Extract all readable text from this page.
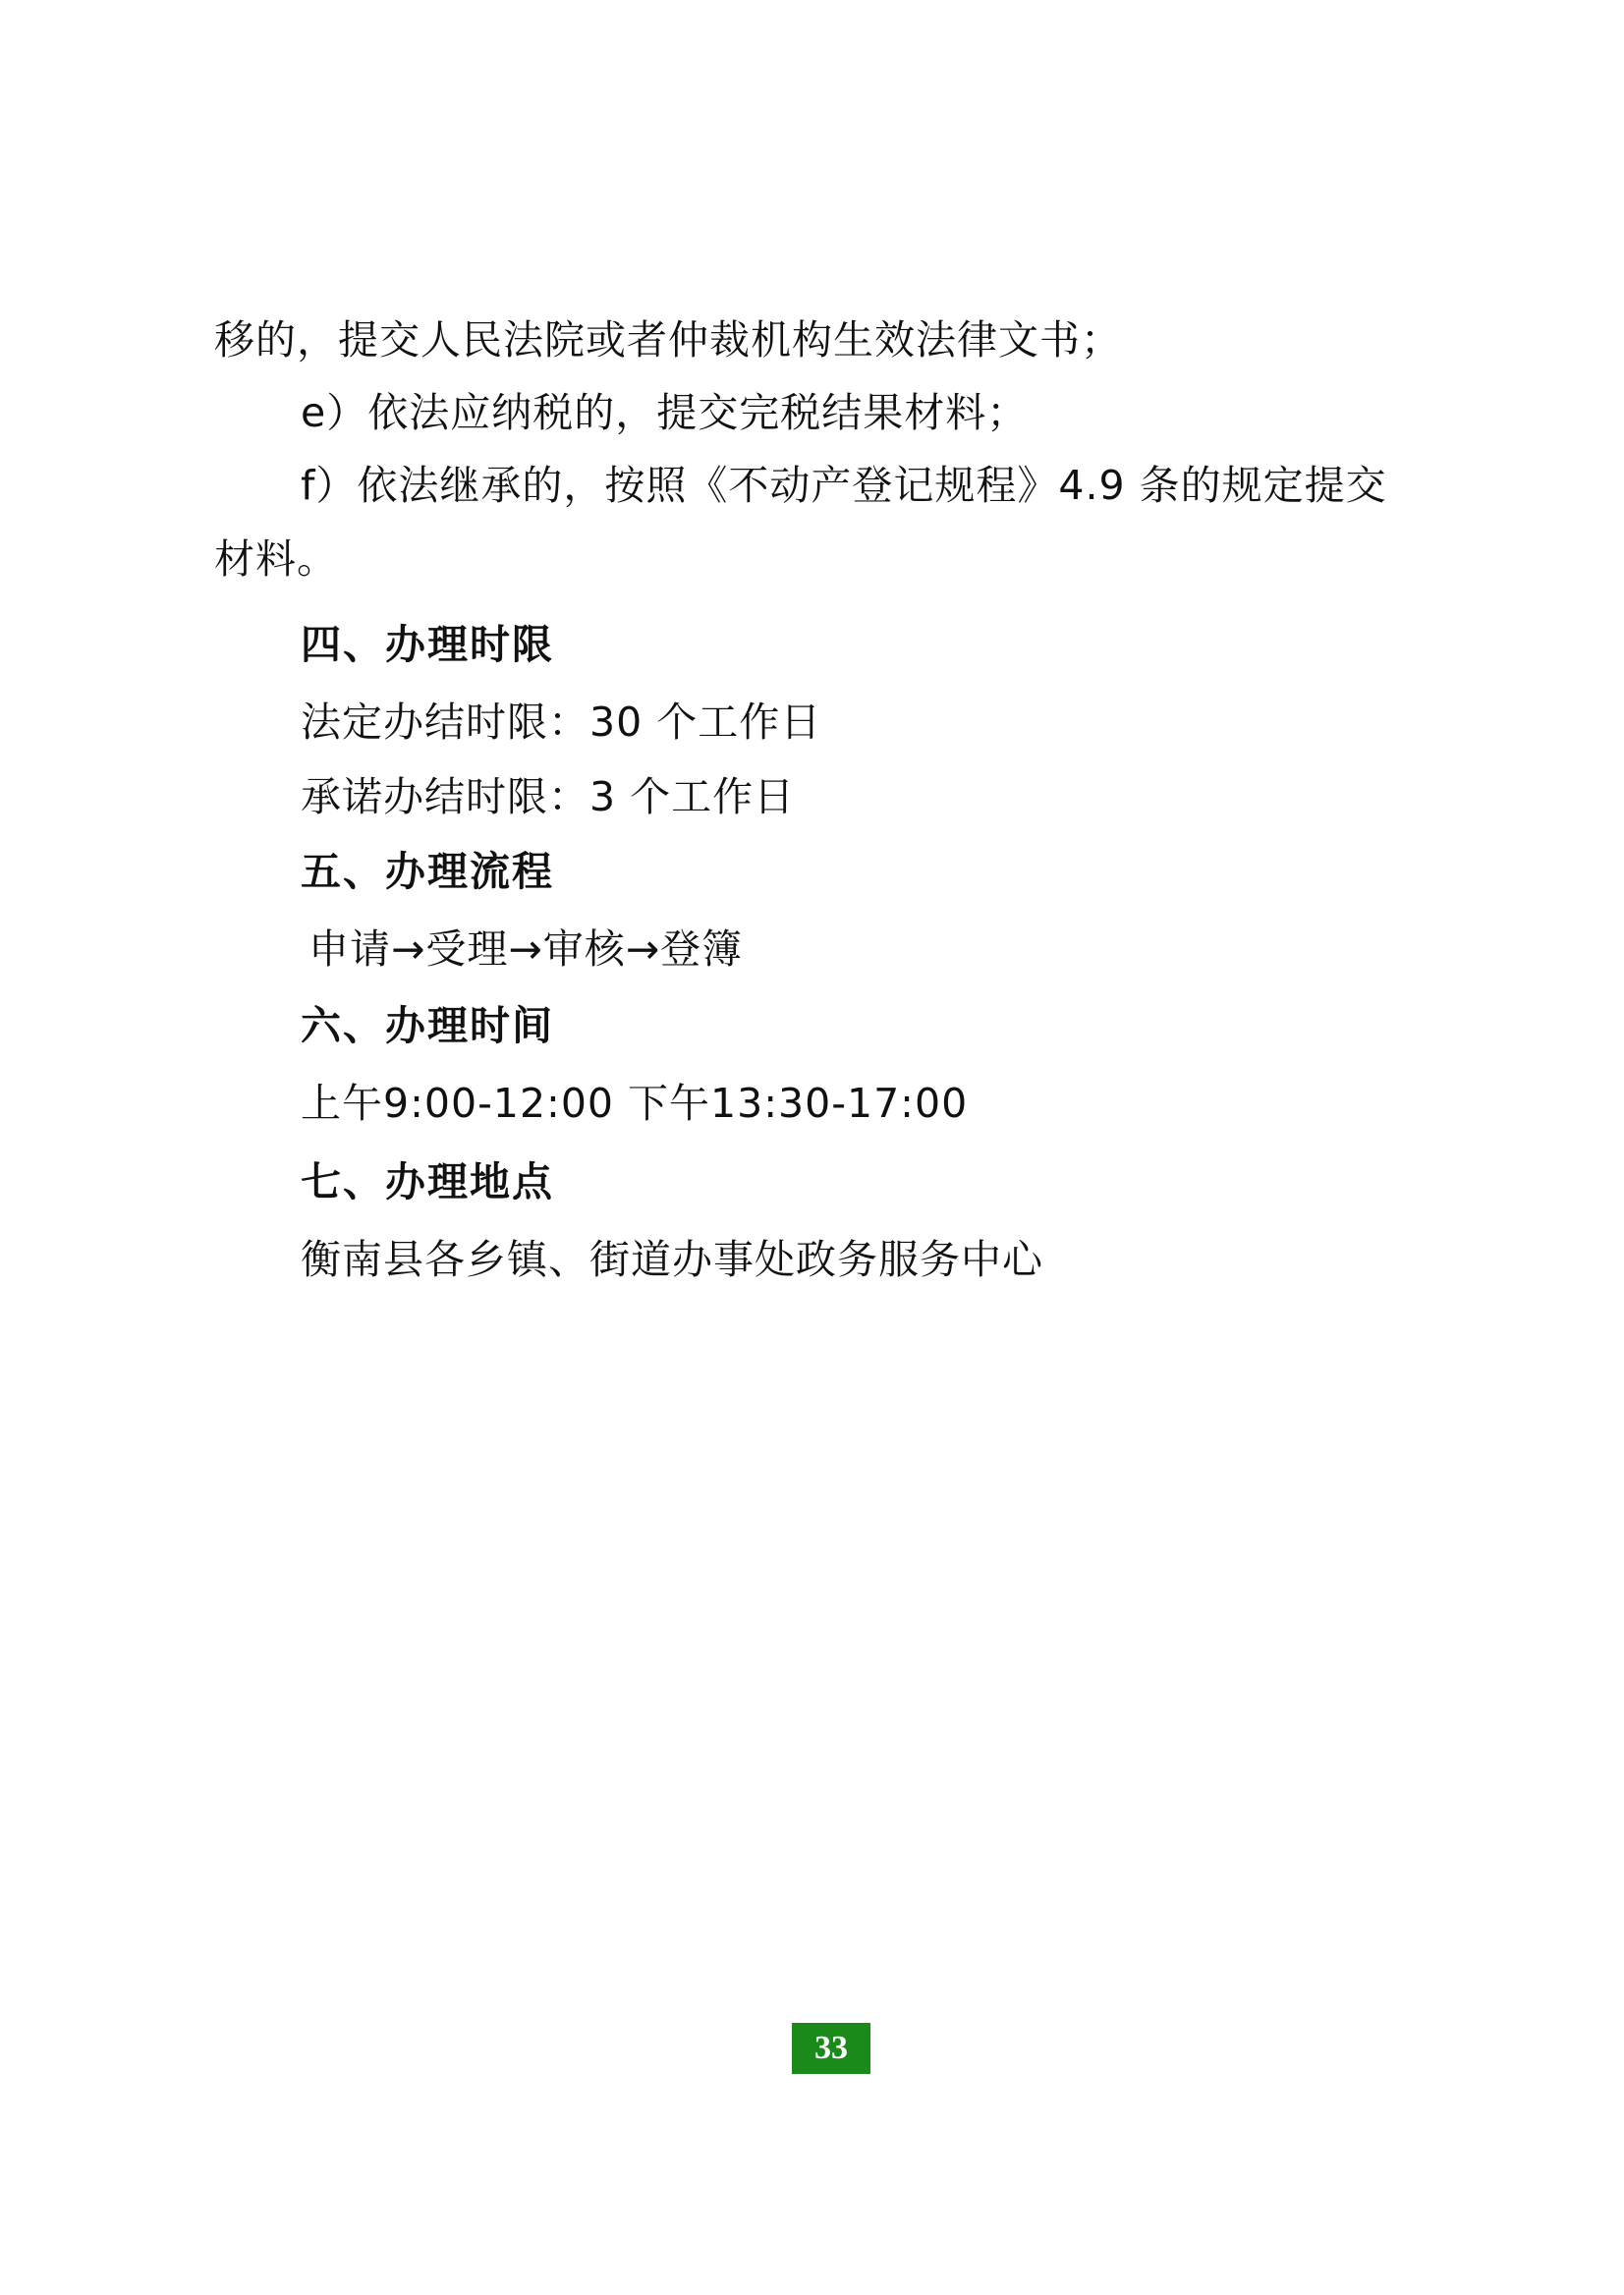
移的，提交人民法院或者仲裁机构生效法律文书；
e）依法应纳税的，提交完税结果材料；
f）依法继承的，按照《不动产登记规程》4.9 条的规定提交
材料。
四、办理时限
法定办结时限：30 个工作日
承诺办结时限：3 个工作日
五、办理流程
申请→受理→审核→登簿
六、办理时间
上午9:00-12:00 下午13:30-17:00
七、办理地点
衡南县各乡镇、街道办事处政务服务中心
33
